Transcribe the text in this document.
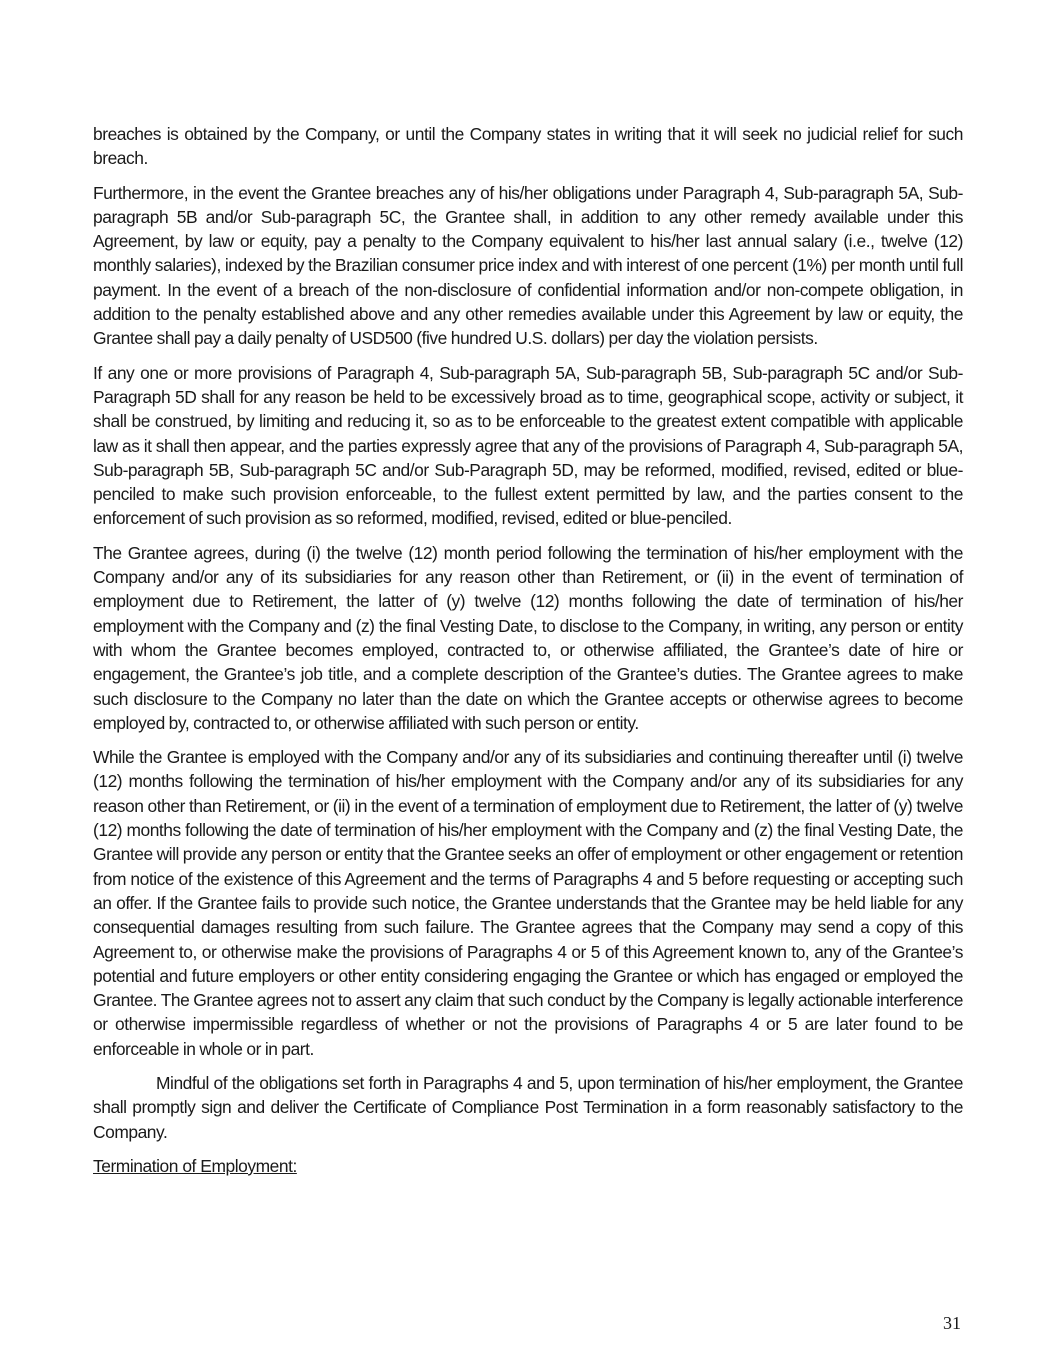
breaches is obtained by the Company, or until the Company states in writing that it will seek no judicial relief for such breach.

Furthermore, in the event the Grantee breaches any of his/her obligations under Paragraph 4, Sub-paragraph 5A, Sub-paragraph 5B and/or Sub-paragraph 5C, the Grantee shall, in addition to any other remedy available under this Agreement, by law or equity, pay a penalty to the Company equivalent to his/her last annual salary (i.e., twelve (12) monthly salaries), indexed by the Brazilian consumer price index and with interest of one percent (1%) per month until full payment. In the event of a breach of the non-disclosure of confidential information and/or non-compete obligation, in addition to the penalty established above and any other remedies available under this Agreement by law or equity, the Grantee shall pay a daily penalty of USD500 (five hundred U.S. dollars) per day the violation persists.

If any one or more provisions of Paragraph 4, Sub-paragraph 5A, Sub-paragraph 5B, Sub-paragraph 5C and/or Sub-Paragraph 5D shall for any reason be held to be excessively broad as to time, geographical scope, activity or subject, it shall be construed, by limiting and reducing it, so as to be enforceable to the greatest extent compatible with applicable law as it shall then appear, and the parties expressly agree that any of the provisions of Paragraph 4, Sub-paragraph 5A, Sub-paragraph 5B, Sub-paragraph 5C and/or Sub-Paragraph 5D, may be reformed, modified, revised, edited or blue-penciled to make such provision enforceable, to the fullest extent permitted by law, and the parties consent to the enforcement of such provision as so reformed, modified, revised, edited or blue-penciled.

The Grantee agrees, during (i) the twelve (12) month period following the termination of his/her employment with the Company and/or any of its subsidiaries for any reason other than Retirement, or (ii) in the event of termination of employment due to Retirement, the latter of (y) twelve (12) months following the date of termination of his/her employment with the Company and (z) the final Vesting Date, to disclose to the Company, in writing, any person or entity with whom the Grantee becomes employed, contracted to, or otherwise affiliated, the Grantee’s date of hire or engagement, the Grantee’s job title, and a complete description of the Grantee’s duties. The Grantee agrees to make such disclosure to the Company no later than the date on which the Grantee accepts or otherwise agrees to become employed by, contracted to, or otherwise affiliated with such person or entity.

While the Grantee is employed with the Company and/or any of its subsidiaries and continuing thereafter until (i) twelve (12) months following the termination of his/her employment with the Company and/or any of its subsidiaries for any reason other than Retirement, or (ii) in the event of a termination of employment due to Retirement, the latter of (y) twelve (12) months following the date of termination of his/her employment with the Company and (z) the final Vesting Date, the Grantee will provide any person or entity that the Grantee seeks an offer of employment or other engagement or retention from notice of the existence of this Agreement and the terms of Paragraphs 4 and 5 before requesting or accepting such an offer. If the Grantee fails to provide such notice, the Grantee understands that the Grantee may be held liable for any consequential damages resulting from such failure. The Grantee agrees that the Company may send a copy of this Agreement to, or otherwise make the provisions of Paragraphs 4 or 5 of this Agreement known to, any of the Grantee’s potential and future employers or other entity considering engaging the Grantee or which has engaged or employed the Grantee. The Grantee agrees not to assert any claim that such conduct by the Company is legally actionable interference or otherwise impermissible regardless of whether or not the provisions of Paragraphs 4 or 5 are later found to be enforceable in whole or in part.

Mindful of the obligations set forth in Paragraphs 4 and 5, upon termination of his/her employment, the Grantee shall promptly sign and deliver the Certificate of Compliance Post Termination in a form reasonably satisfactory to the Company.

Termination of Employment:

31
